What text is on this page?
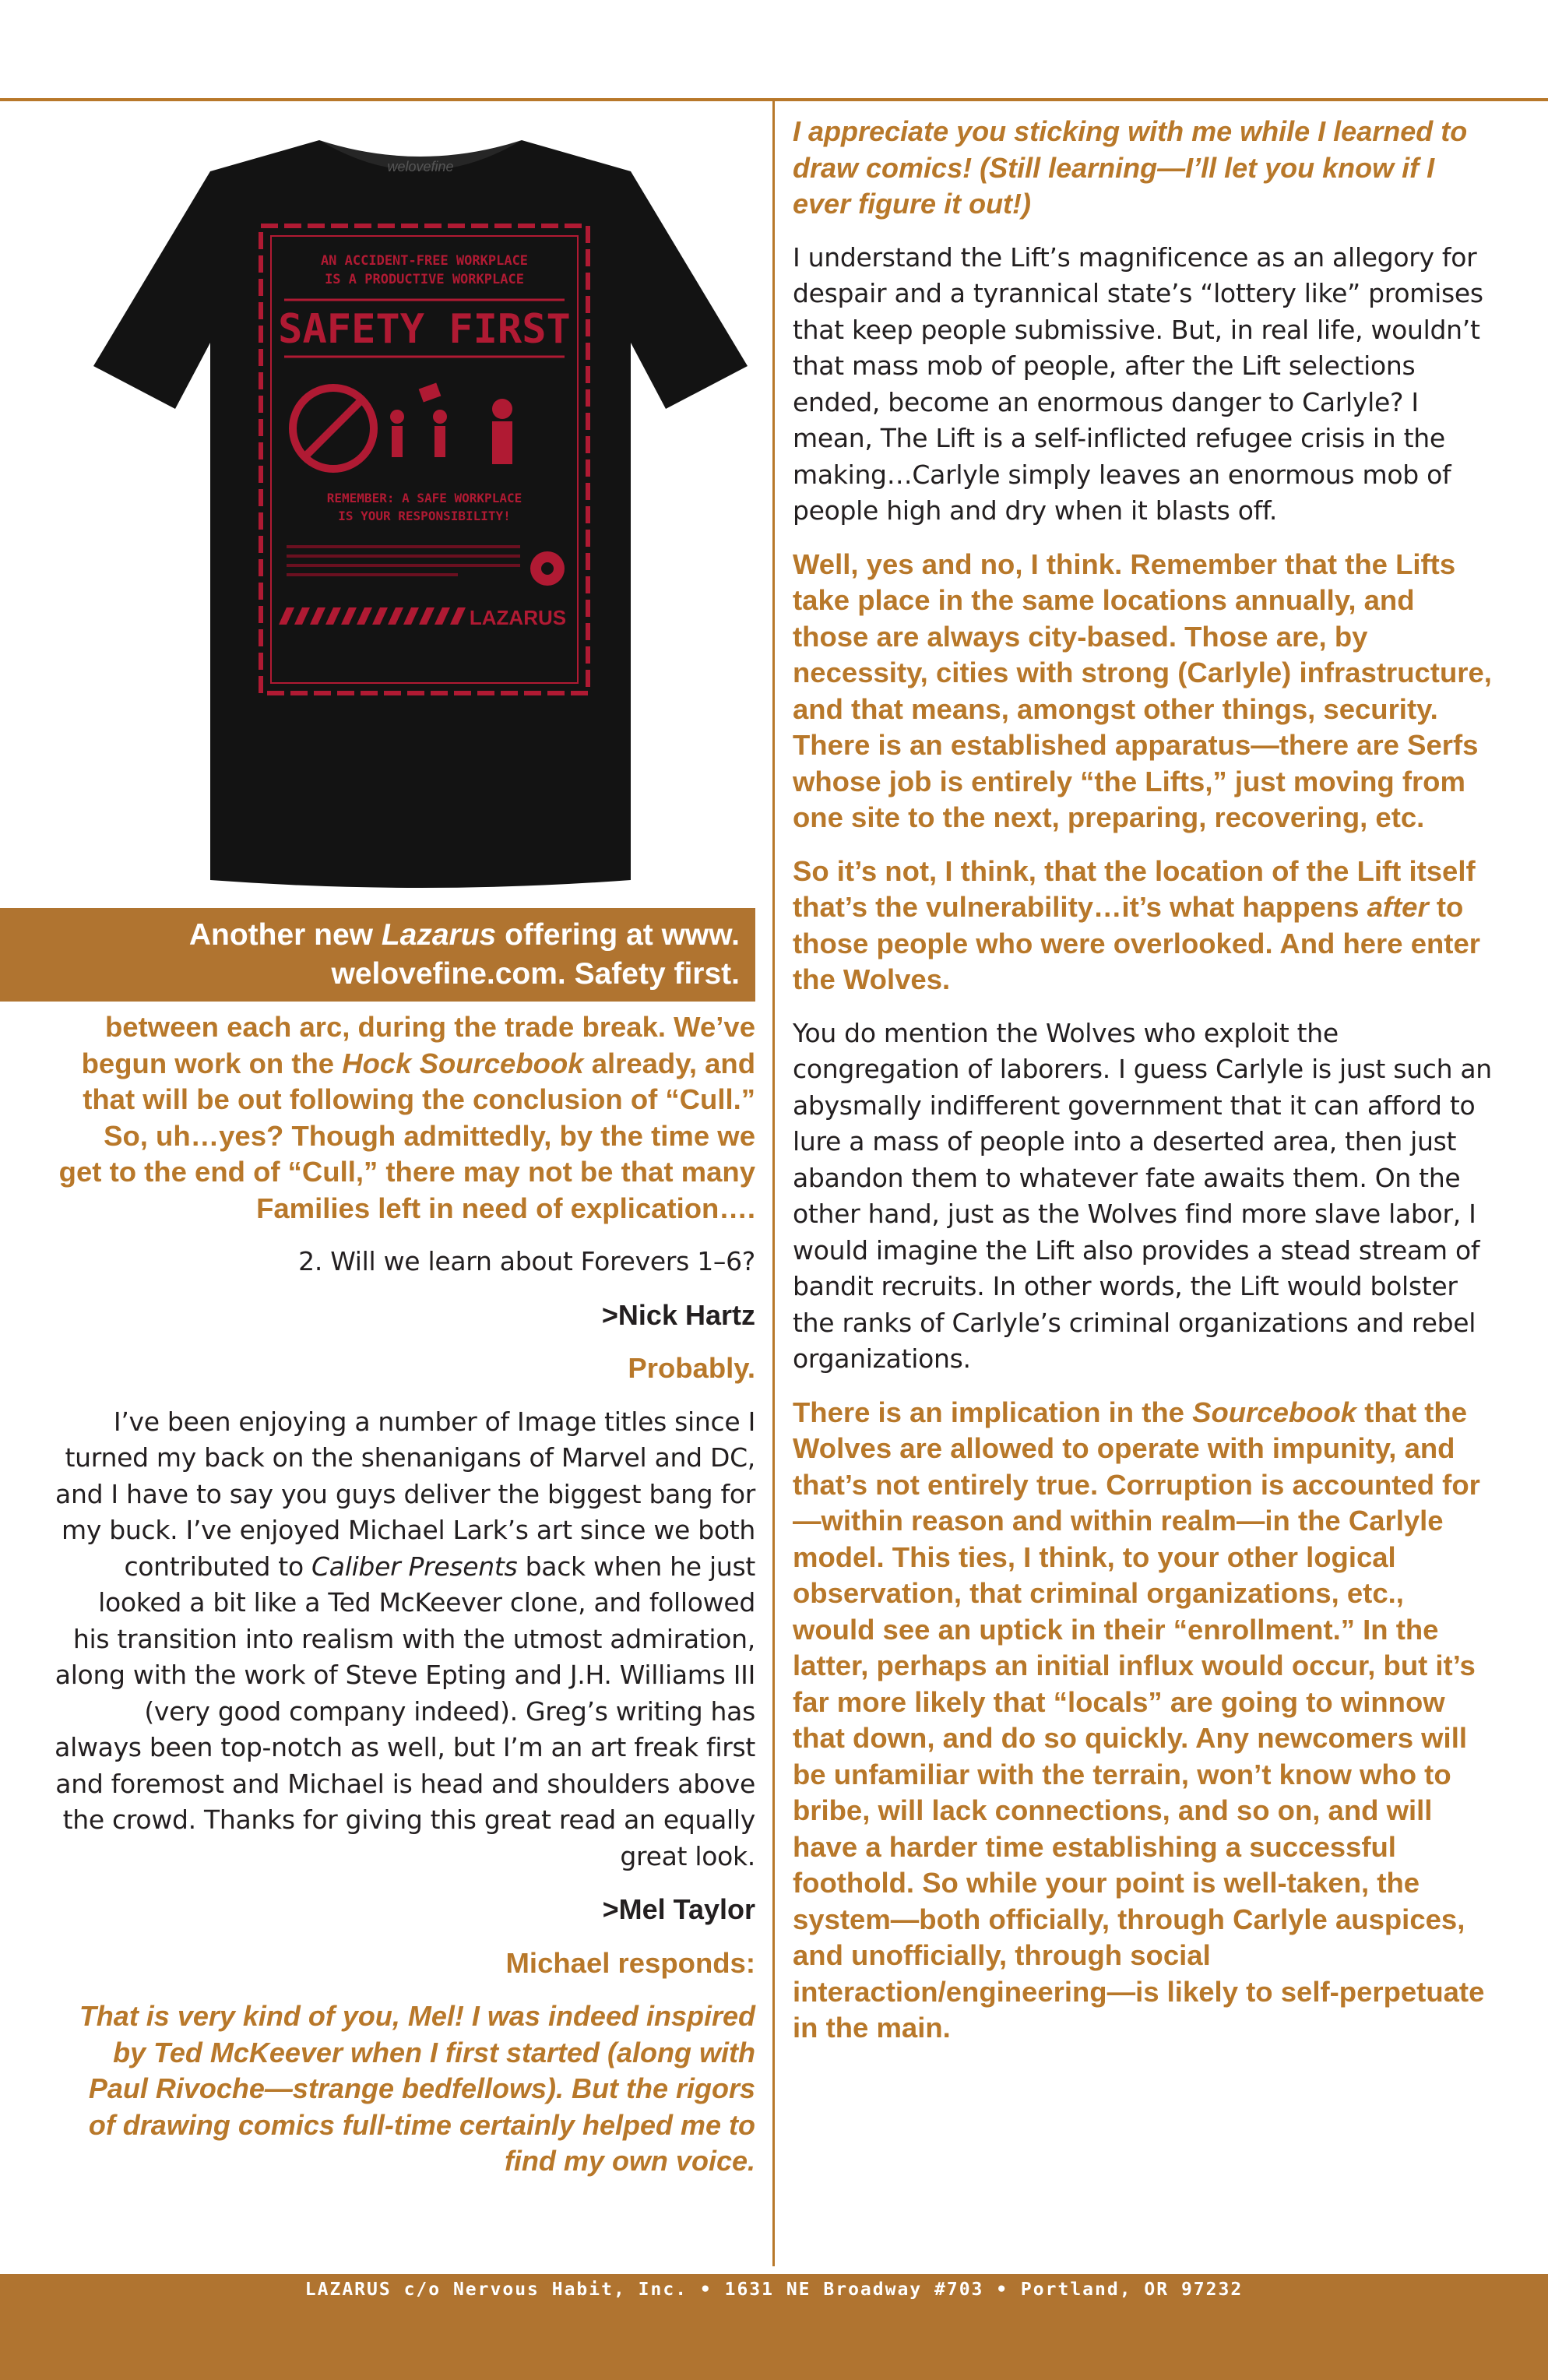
welovefine
AN ACCIDENT-FREE WORKPLACE
IS A PRODUCTIVE WORKPLACE
SAFETY FIRST
REMEMBER: A SAFE WORKPLACE
IS YOUR RESPONSIBILITY!
LAZARUS
Another new Lazarus offering at www.
welovefine.com. Safety first.

between each arc, during the trade break. We’ve begun work on the Hock Sourcebook already, and that will be out following the conclusion of “Cull.” So, uh…yes? Though admittedly, by the time we get to the end of “Cull,” there may not be that many Families left in need of explication….

2. Will we learn about Forevers 1–6?

>Nick Hartz

Probably.

I’ve been enjoying a number of Image titles since I turned my back on the shenanigans of Marvel and DC, and I have to say you guys deliver the biggest bang for my buck. I’ve enjoyed Michael Lark’s art since we both contributed to Caliber Presents back when he just looked a bit like a Ted McKeever clone, and followed his transition into realism with the utmost admiration, along with the work of Steve Epting and J.H. Williams III (very good company indeed). Greg’s writing has always been top-notch as well, but I’m an art freak first and foremost and Michael is head and shoulders above the crowd. Thanks for giving this great read an equally great look.

>Mel Taylor

Michael responds:

That is very kind of you, Mel! I was indeed inspired by Ted McKeever when I first started (along with Paul Rivoche—strange bedfellows). But the rigors of drawing comics full-time certainly helped me to find my own voice.

I appreciate you sticking with me while I learned to draw comics! (Still learning—I’ll let you know if I ever figure it out!)

I understand the Lift’s magnificence as an allegory for despair and a tyrannical state’s “lottery like” promises that keep people submissive. But, in real life, wouldn’t that mass mob of people, after the Lift selections ended, become an enormous danger to Carlyle? I mean, The Lift is a self-inflicted refugee crisis in the making…Carlyle simply leaves an enormous mob of people high and dry when it blasts off.

Well, yes and no, I think. Remember that the Lifts take place in the same locations annually, and those are always city-based. Those are, by necessity, cities with strong (Carlyle) infrastructure, and that means, amongst other things, security. There is an established apparatus—there are Serfs whose job is entirely “the Lifts,” just moving from one site to the next, preparing, recovering, etc.

So it’s not, I think, that the location of the Lift itself that’s the vulnerability…it’s what happens after to those people who were overlooked. And here enter the Wolves.

You do mention the Wolves who exploit the congregation of laborers. I guess Carlyle is just such an abysmally indifferent government that it can afford to lure a mass of people into a deserted area, then just abandon them to whatever fate awaits them. On the other hand, just as the Wolves find more slave labor, I would imagine the Lift also provides a stead stream of bandit recruits. In other words, the Lift would bolster the ranks of Carlyle’s criminal organizations and rebel organizations.

There is an implication in the Sourcebook that the Wolves are allowed to operate with impunity, and that’s not entirely true. Corruption is accounted for—within reason and within realm—in the Carlyle model. This ties, I think, to your other logical observation, that criminal organizations, etc., would see an uptick in their “enrollment.” In the latter, perhaps an initial influx would occur, but it’s far more likely that “locals” are going to winnow that down, and do so quickly. Any newcomers will be unfamiliar with the terrain, won’t know who to bribe, will lack connections, and so on, and will have a harder time establishing a successful foothold. So while your point is well-taken, the system—both officially, through Carlyle auspices, and unofficially, through social interaction/engineering—is likely to self-perpetuate in the main.

LAZARUS c/o Nervous Habit, Inc. • 1631 NE Broadway #703 • Portland, OR 97232
